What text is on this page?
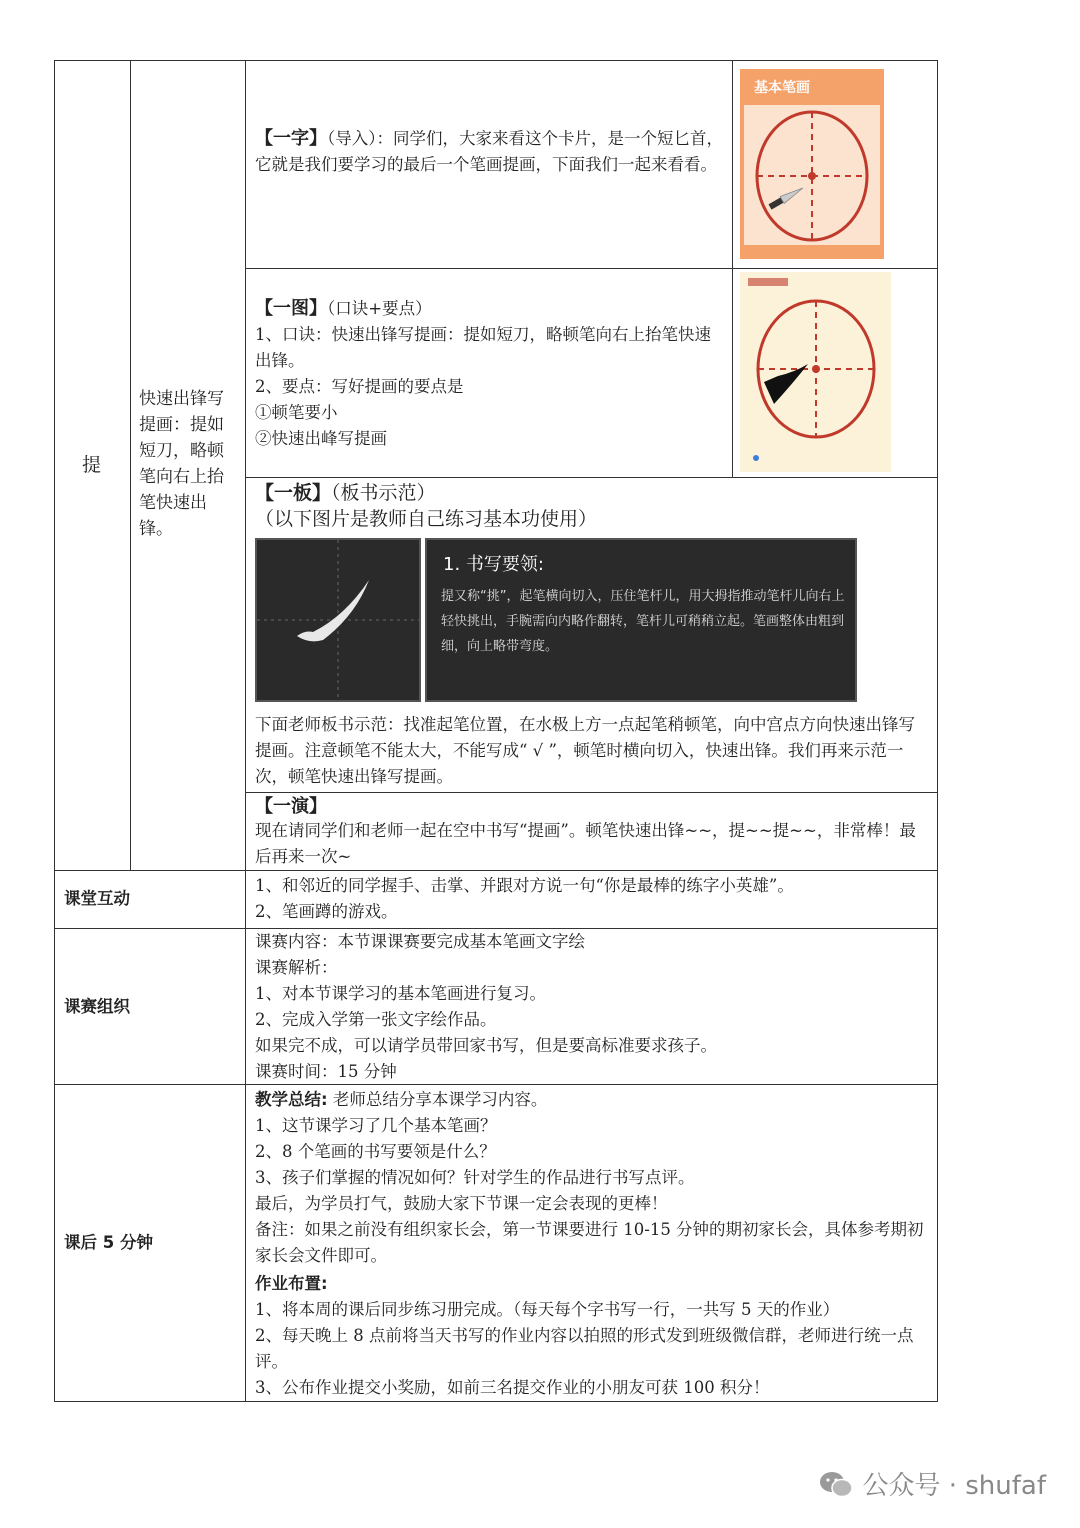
提
快速出锋写提画：提如短刀，略顿笔向右上抬笔快速出锋。
【一字】（导入）：同学们，大家来看这个卡片，是一个短匕首，它就是我们要学习的最后一个笔画提画，下面我们一起来看看。
基本笔画
【一图】（口诀+要点）
1、口诀：快速出锋写提画：提如短刀，略顿笔向右上抬笔快速出锋。
2、要点：写好提画的要点是
①顿笔要小
②快速出峰写提画
【一板】（板书示范）
（以下图片是教师自己练习基本功使用）
1. 书写要领:
提又称“挑”，起笔横向切入，压住笔杆儿，用大拇指推动笔杆儿向右上轻快挑出，手腕需向内略作翻转，笔杆儿可稍稍立起。笔画整体由粗到细，向上略带弯度。
下面老师板书示范：找准起笔位置，在水极上方一点起笔稍顿笔，向中宫点方向快速出锋写提画。注意顿笔不能太大，不能写成“ √ ”，顿笔时横向切入，快速出锋。我们再来示范一次，顿笔快速出锋写提画。
【一演】
现在请同学们和老师一起在空中书写“提画”。顿笔快速出锋~~，提~~提~~，非常棒！最后再来一次~
课堂互动
1、和邻近的同学握手、击掌、并跟对方说一句“你是最棒的练字小英雄”。
2、笔画蹲的游戏。
课赛组织
课赛内容：本节课课赛要完成基本笔画文字绘
课赛解析：
1、对本节课学习的基本笔画进行复习。
2、完成入学第一张文字绘作品。
如果完不成，可以请学员带回家书写，但是要高标准要求孩子。
课赛时间：15 分钟
课后 5 分钟
教学总结: 老师总结分享本课学习内容。
1、这节课学习了几个基本笔画？
2、8 个笔画的书写要领是什么？
3、孩子们掌握的情况如何？针对学生的作品进行书写点评。
最后，为学员打气，鼓励大家下节课一定会表现的更棒！
备注：如果之前没有组织家长会，第一节课要进行 10-15 分钟的期初家长会，具体参考期初家长会文件即可。
作业布置:
1、将本周的课后同步练习册完成。（每天每个字书写一行，一共写 5 天的作业）
2、每天晚上 8 点前将当天书写的作业内容以拍照的形式发到班级微信群，老师进行统一点评。
3、公布作业提交小奖励，如前三名提交作业的小朋友可获 100 积分！
公众号 · shufaf
